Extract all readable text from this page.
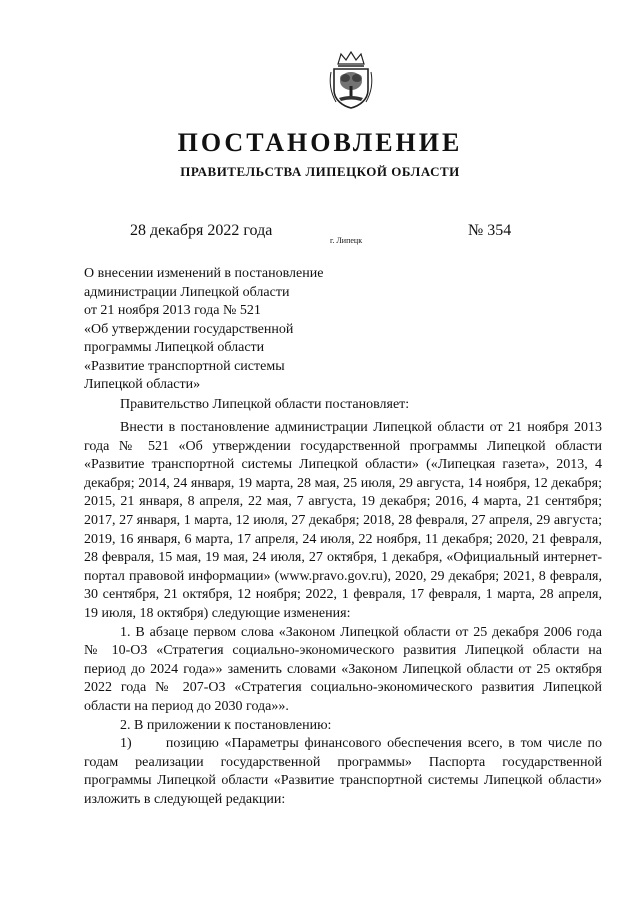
ПОСТАНОВЛЕНИЕ
ПРАВИТЕЛЬСТВА ЛИПЕЦКОЙ ОБЛАСТИ
28 декабря 2022 года
г. Липецк
№ 354
О внесении изменений в постановление
администрации Липецкой области
от 21 ноября 2013 года № 521
«Об утверждении государственной
программы Липецкой области
«Развитие транспортной системы
Липецкой области»
Правительство Липецкой области постановляет:

Внести в постановление администрации Липецкой области от 21 ноября 2013 года № 521 «Об утверждении государственной программы Липецкой области «Развитие транспортной системы Липецкой области» («Липецкая газета», 2013, 4 декабря; 2014, 24 января, 19 марта, 28 мая, 25 июля, 29 августа, 14 ноября, 12 декабря; 2015, 21 января, 8 апреля, 22 мая, 7 августа, 19 декабря; 2016, 4 марта, 21 сентября; 2017, 27 января, 1 марта, 12 июля, 27 декабря; 2018, 28 февраля, 27 апреля, 29 августа; 2019, 16 января, 6 марта, 17 апреля, 24 июля, 22 ноября, 11 декабря; 2020, 21 февраля, 28 февраля, 15 мая, 19 мая, 24 июля, 27 октября, 1 декабря, «Официальный интернет-портал правовой информации» (www.pravo.gov.ru), 2020, 29 декабря; 2021, 8 февраля, 30 сентября, 21 октября, 12 ноября; 2022, 1 февраля, 17 февраля, 1 марта, 28 апреля, 19 июля, 18 октября) следующие изменения:

1. В абзаце первом слова «Законом Липецкой области от 25 декабря 2006 года № 10-ОЗ «Стратегия социально-экономического развития Липецкой области на период до 2024 года»» заменить словами «Законом Липецкой области от 25 октября 2022 года № 207-ОЗ «Стратегия социально-экономического развития Липецкой области на период до 2030 года»».

2. В приложении к постановлению:

1)      позицию «Параметры финансового обеспечения всего, в том числе по годам реализации государственной программы» Паспорта государственной программы Липецкой области «Развитие транспортной системы Липецкой области» изложить в следующей редакции:
